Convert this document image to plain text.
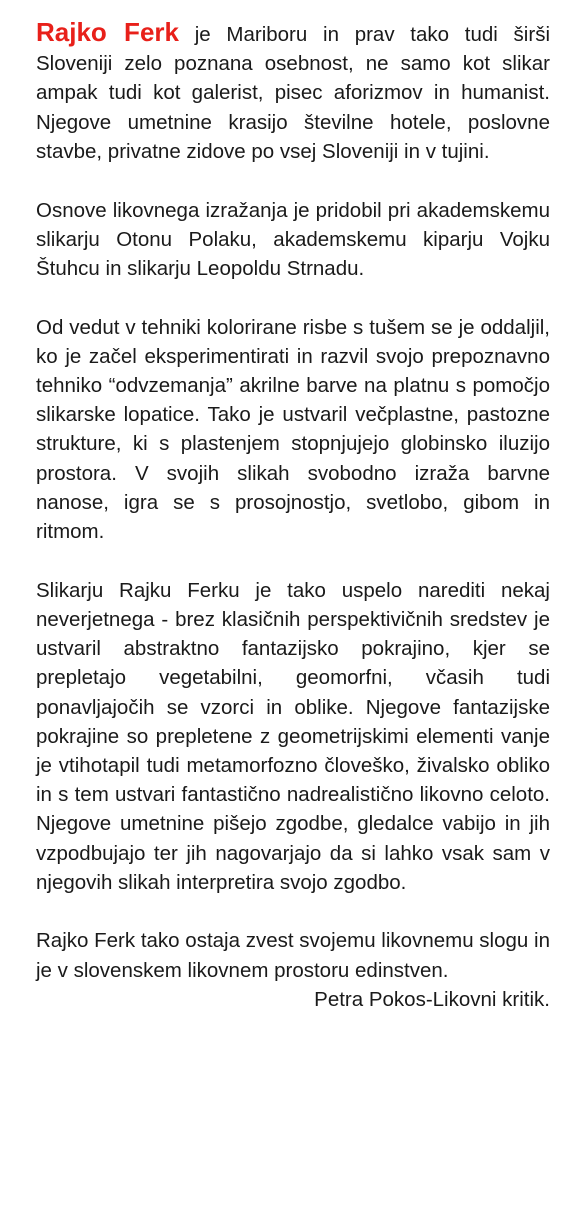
Rajko Ferk je Mariboru in prav tako tudi širši Sloveniji zelo poznana osebnost, ne samo kot slikar ampak tudi kot galerist, pisec aforizmov in humanist. Njegove umetnine krasijo številne hotele, poslovne stavbe, privatne zidove po vsej Sloveniji in v tujini.

Osnove likovnega izražanja je pridobil pri akademskemu slikarju Otonu Polaku, akademskemu kiparju Vojku Štuhcu in slikarju Leopoldu Strnadu.

Od vedut v tehniki kolorirane risbe s tušem se je oddaljil, ko je začel eksperimentirati in razvil svojo prepoznavno tehniko “odvzemanja” akrilne barve na platnu s pomočjo slikarske lopatice. Tako je ustvaril večplastne, pastozne strukture, ki s plastenjem stopnjujejo globinsko iluzijo prostora. V svojih slikah svobodno izraža barvne nanose, igra se s prosojnostjo, svetlobo, gibom in ritmom.

Slikarju Rajku Ferku je tako uspelo narediti nekaj neverjetnega - brez klasičnih perspektivičnih sredstev je ustvaril abstraktno fantazijsko pokrajino, kjer se prepletajo vegetabilni, geomorfni, včasih tudi ponavljajočih se vzorci in oblike. Njegove fantazijske pokrajine so prepletene z geometrijskimi elementi vanje je vtihotapil tudi metamorfozno človeško, živalsko obliko in s tem ustvari fantastično nadrealistično likovno celoto. Njegove umetnine pišejo zgodbe, gledalce vabijo in jih vzpodbujajo ter jih nagovarjajo da si lahko vsak sam v njegovih slikah interpretira svojo zgodbo.

Rajko Ferk tako ostaja zvest svojemu likovnemu slogu in je v slovenskem likovnem prostoru edinstven.

Petra Pokos-Likovni kritik.
